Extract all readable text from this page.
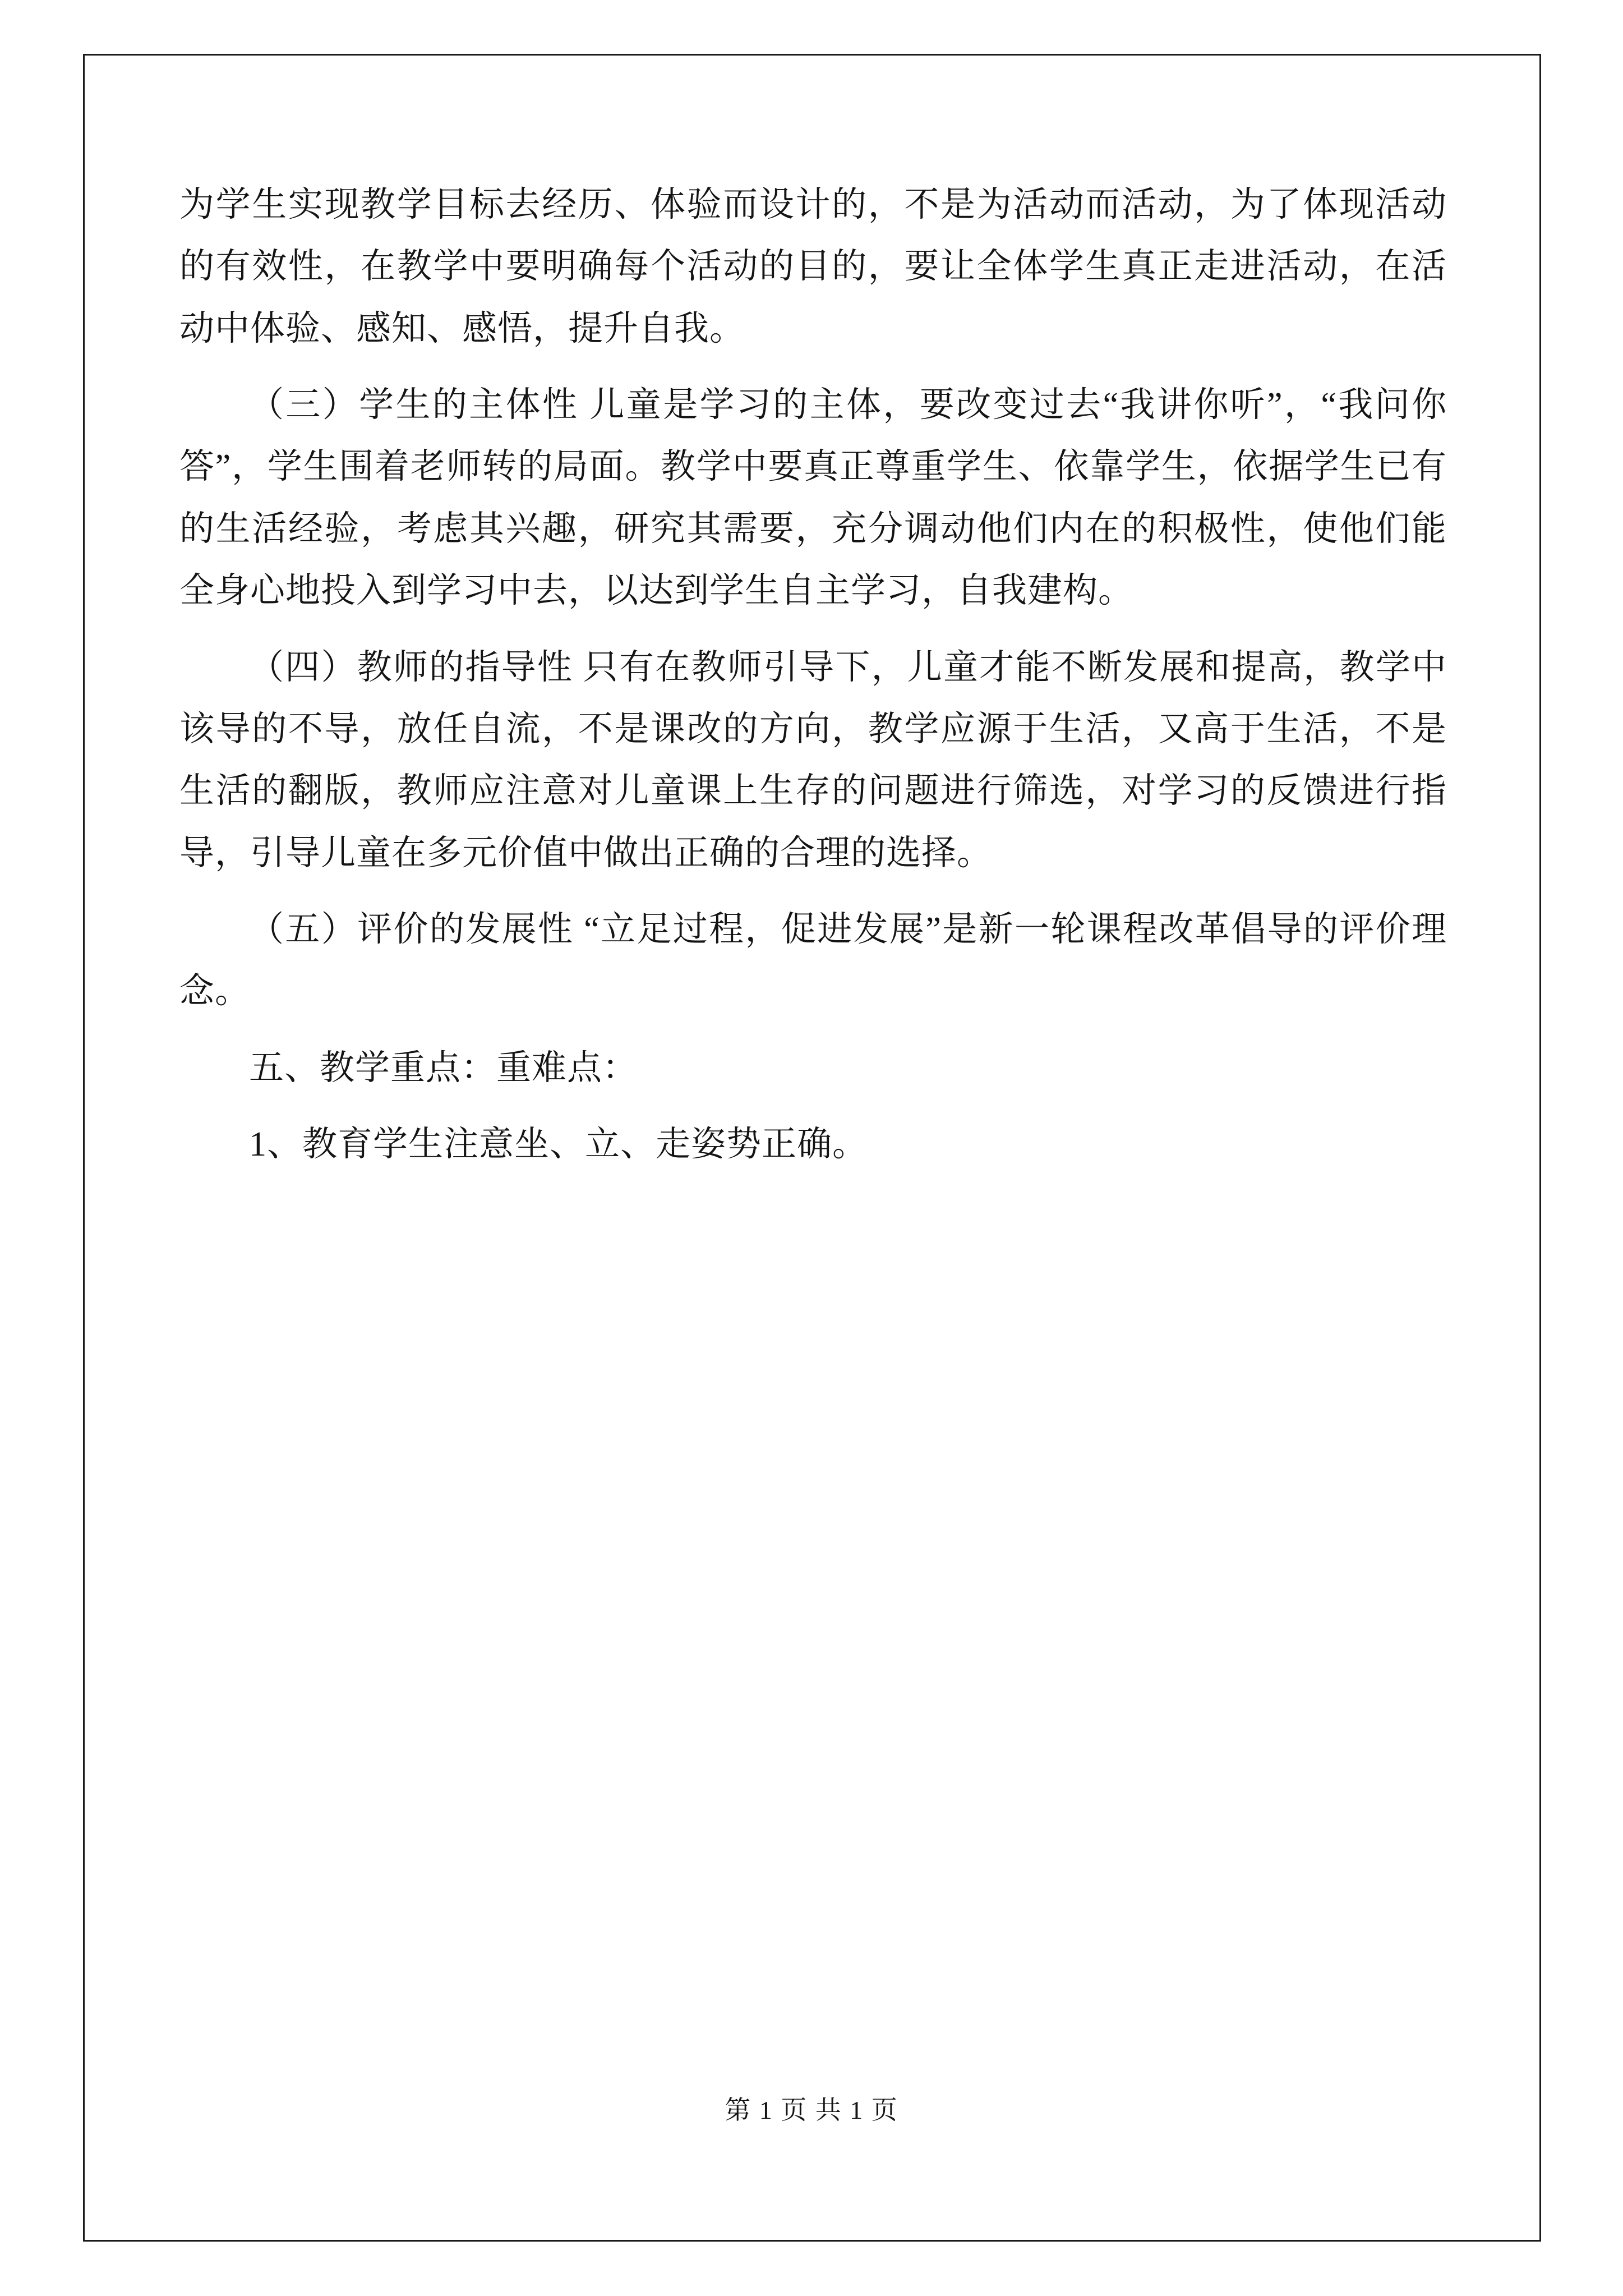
为学生实现教学目标去经历、体验而设计的，不是为活动而活动，为了体现活动的有效性，在教学中要明确每个活动的目的，要让全体学生真正走进活动，在活动中体验、感知、感悟，提升自我。

（三）学生的主体性 儿童是学习的主体，要改变过去“我讲你听”，“我问你答”，学生围着老师转的局面。教学中要真正尊重学生、依靠学生，依据学生已有的生活经验，考虑其兴趣，研究其需要，充分调动他们内在的积极性，使他们能全身心地投入到学习中去，以达到学生自主学习，自我建构。

（四）教师的指导性 只有在教师引导下，儿童才能不断发展和提高，教学中该导的不导，放任自流，不是课改的方向，教学应源于生活，又高于生活，不是生活的翻版，教师应注意对儿童课上生存的问题进行筛选，对学习的反馈进行指导，引导儿童在多元价值中做出正确的合理的选择。

（五）评价的发展性 “立足过程，促进发展”是新一轮课程改革倡导的评价理念。

五、教学重点：重难点：

1、教育学生注意坐、立、走姿势正确。

第 1 页 共 1 页
